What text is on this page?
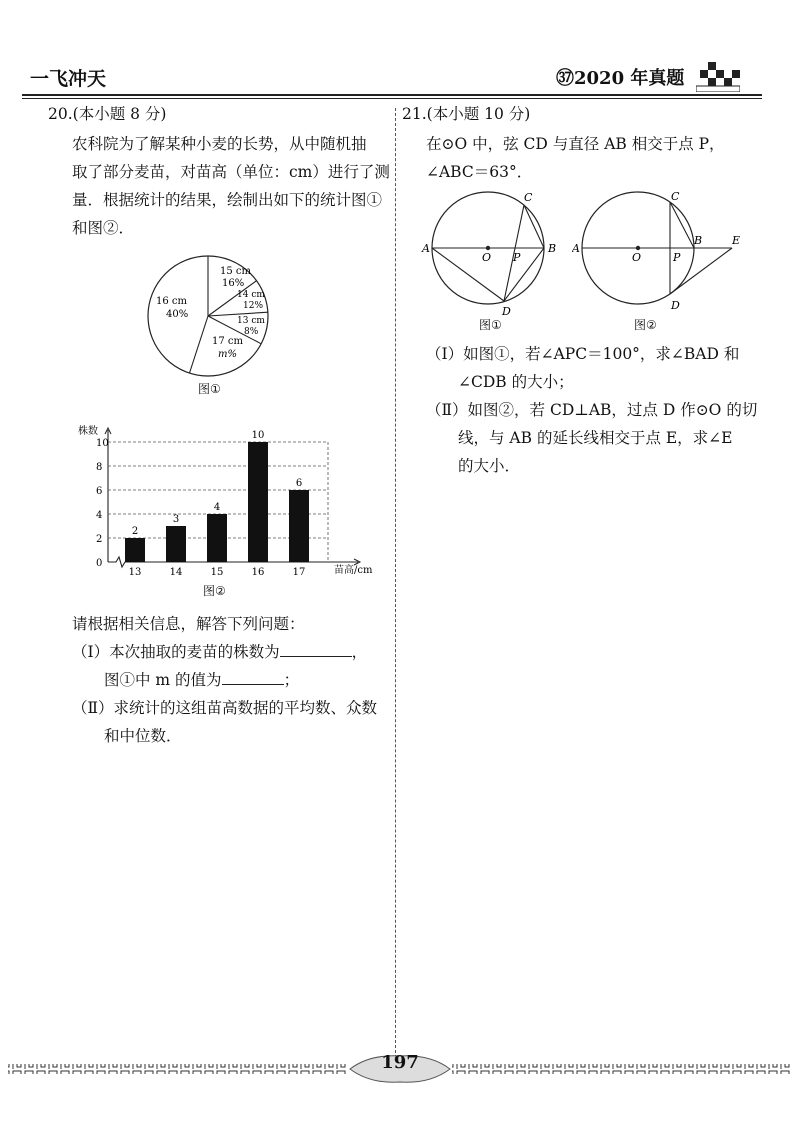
一飞冲天	㊲2020 年真题
20.(本小题 8 分)
农科院为了解某种小麦的长势，从中随机抽
取了部分麦苗，对苗高（单位：cm）进行了测
量．根据统计的结果，绘制出如下的统计图①
和图②．
15 cm
16%
14 cm
12%
13 cm
8%
17 cm
m%
16 cm
40%
图①
株数
苗高/cm
0
2
4
6
8
10
2
13
3
14
4
15
10
16
6
17
图②
请根据相关信息，解答下列问题：
（Ⅰ）本次抽取的麦苗的株数为	，
图①中 m 的值为	；
（Ⅱ）求统计的这组苗高数据的平均数、众数
和中位数．
21.(本小题 10 分)
在⊙O 中，弦 CD 与直径 AB 相交于点 P，
∠ABC＝63°．
A	B
C
D
O P
图①
A
B	E
C
D
O	P
图②
（Ⅰ）如图①，若∠APC＝100°，求∠BAD 和
∠CDB 的大小；
（Ⅱ）如图②，若 CD⊥AB，过点 D 作⊙O 的切
线，与 AB 的延长线相交于点 E，求∠E
的大小．
197
